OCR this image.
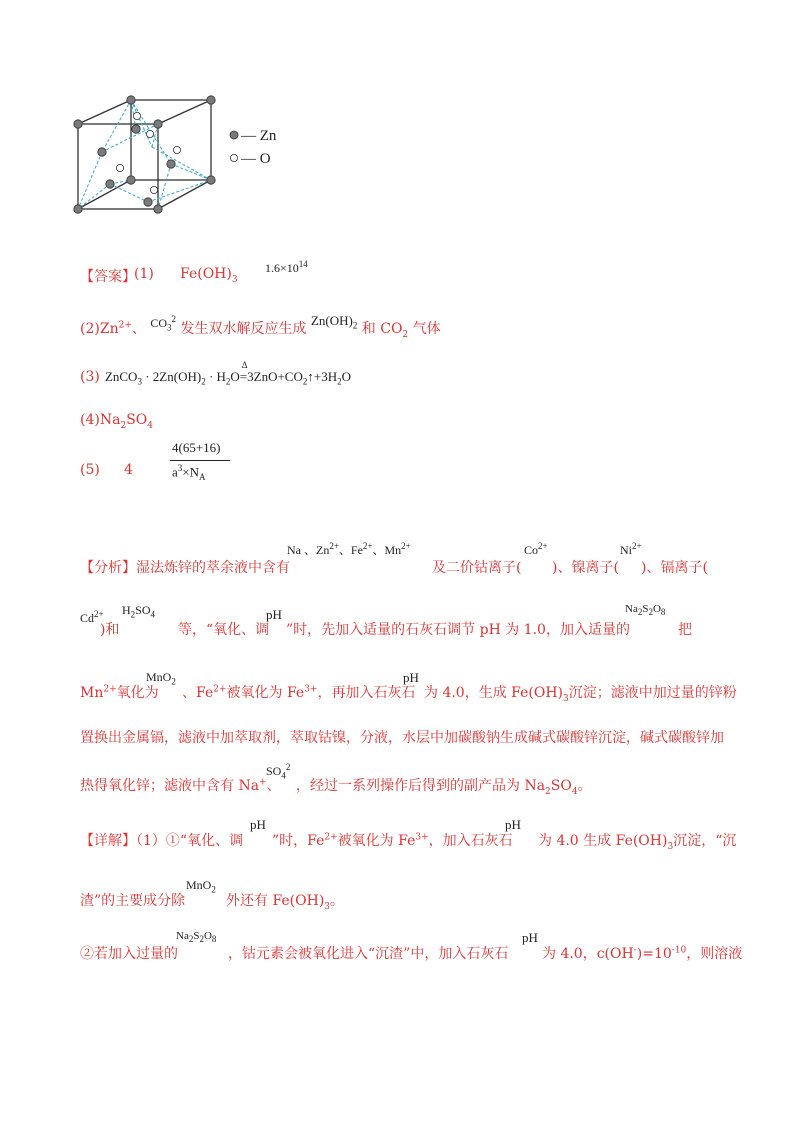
— Zn
— O
【答案】
(1) $Fe(OH)_3$
$1.6\times 10^{14}$
$(2)Zn^{2+}$、 $CO_3^2$ 发生双水解反应生成 $Zn(OH)_2$ 和 $CO_2$ 气体
(3) ZnCO$_3$ · $2Zn(OH)_2 \cdot H_2O$
Δ
$=3ZnO+CO_2↑+3H_2O$
$(4)Na_2SO_4$
(5) 4
4(65+16)
$a^3\times N_A$
【分析】湿法炼锌的萃余液中含有
Na 、$Zn^{2+}$、$Fe^{2+}$、$Mn^{2+}$
及二价钴离子(
$Co^{2+}$
)、镍离子(
$Ni^{2+}$
)、镉离子(
$Cd^{2+}$
)和
$H_2SO_4$
等，“氧化、调
pH
”时，先加入适量的石灰石调节 pH 为 1.0，加入适量的
$Na_2S_2O_8$
把
$Mn^{2+}$氧化为
MnO$_2$
、$Fe^{2+}$被氧化为 $Fe^{3+}$，再加入石灰石
pH
为 4.0，生成 $Fe(OH)_3$沉淀；滤液中加过量的锌粉
置换出金属镉，滤液中加萃取剂，萃取钴镍，分液，水层中加碳酸钠生成碱式碳酸锌沉淀，碱式碳酸锌加
热得氧化锌；滤液中含有 Na+、
$SO_4^2$
，经过一系列操作后得到的副产品为 $Na_2SO_4$。
【详解】（1）①“氧化、调
pH
”时，$Fe^{2+}$被氧化为 $Fe^{3+}$，加入石灰石
pH
为 4.0 生成 $Fe(OH)_3$沉淀，“沉
渣”的主要成分除
MnO$_2$
外还有 $Fe(OH)_3$。
②若加入过量的
$Na_2S_2O_8$
，钴元素会被氧化进入“沉渣”中，加入石灰石
pH
为 4.0，$c(OH^-)=10^{-10}$，则溶液
